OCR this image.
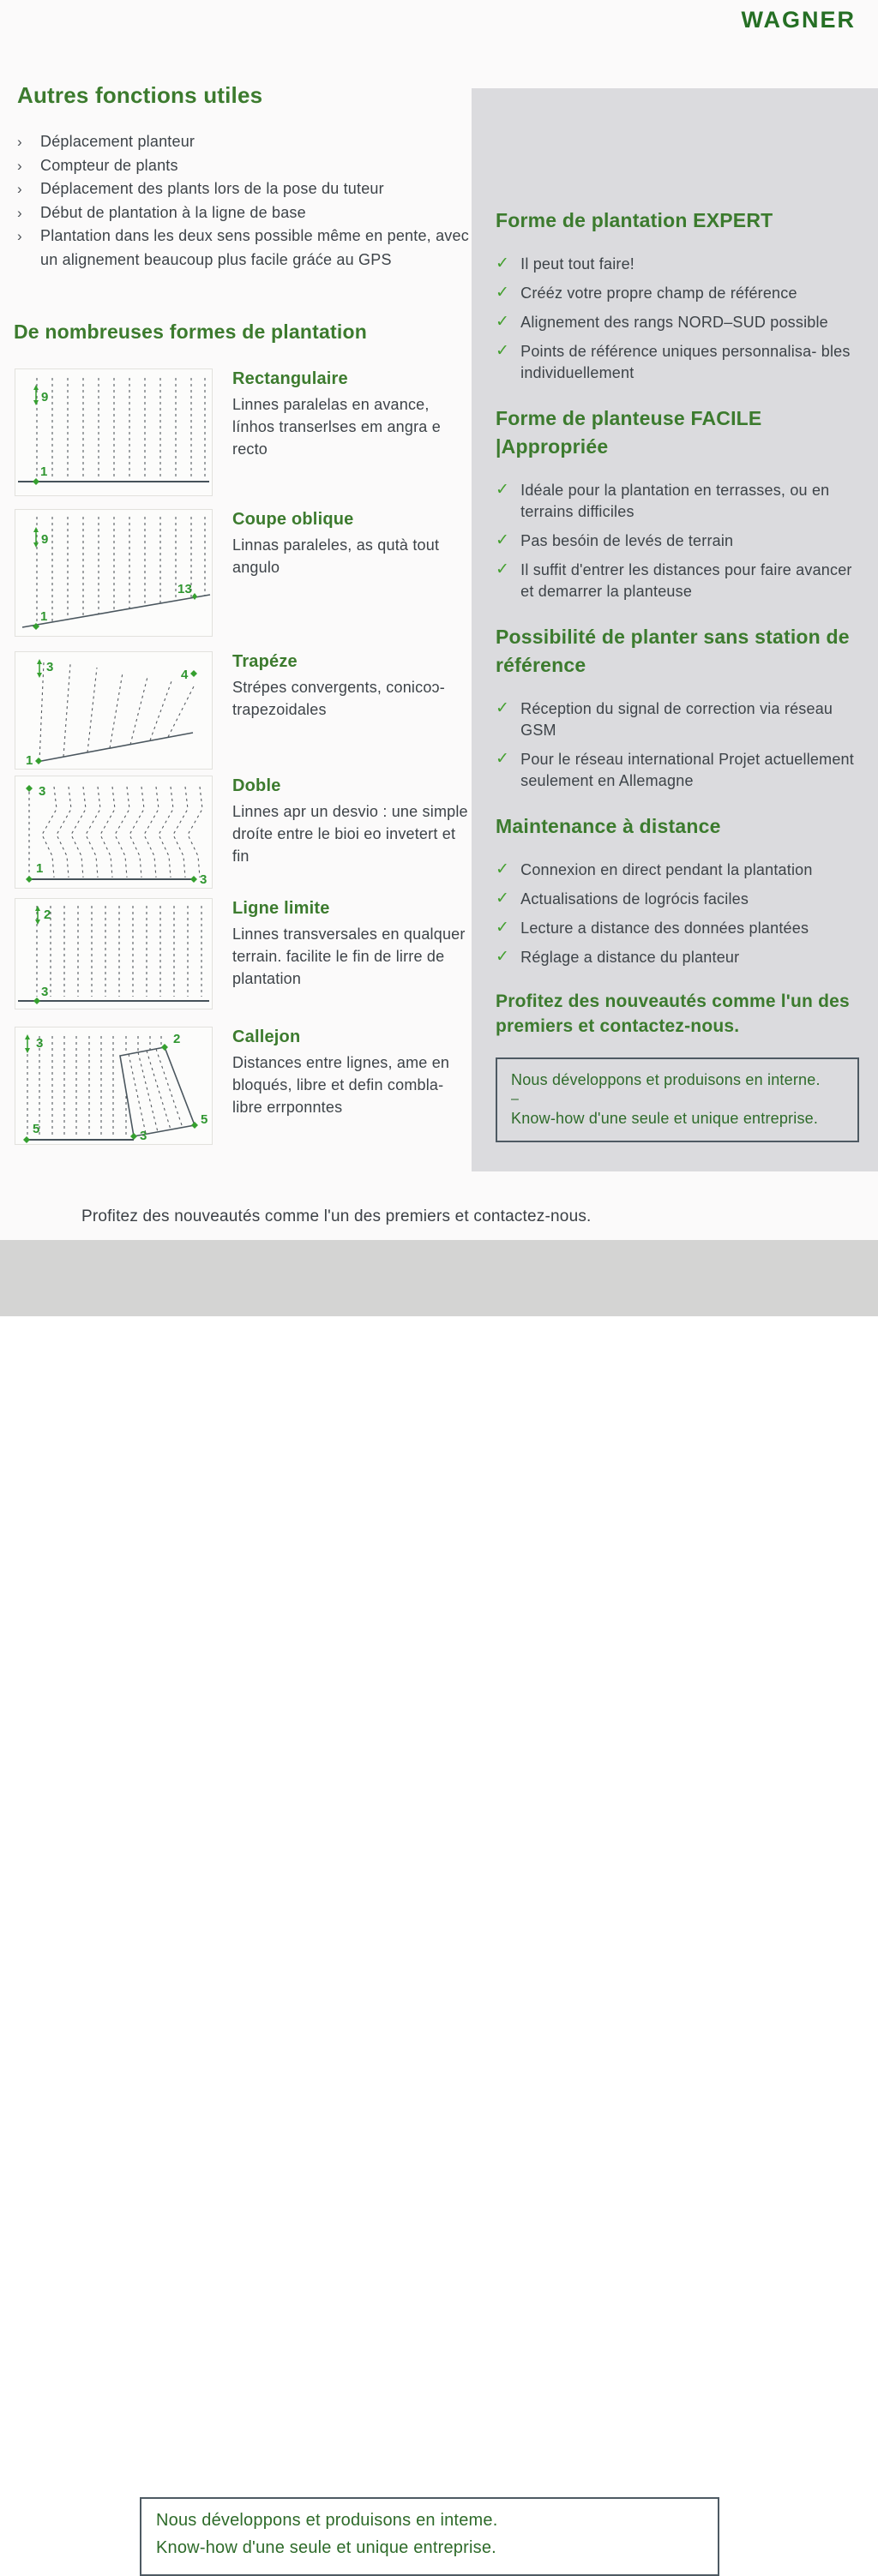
WAGNER
Autres fonctions utiles
› Déplacement planteur
› Compteur de plants
› Déplacement des plants lors de la pose du tuteur
› Début de plantation à la ligne de base
› Plantation dans les deux sens possible même en pente, avec un alignement beaucoup plus facile gráće au GPS
De nombreuses formes de plantation
9
1
Rectangulaire

Linnes paralelas en avance, línhos transerlses em angra e recto

9
1
13
Coupe oblique

Linnas paraleles, as qutà tout angulo

3
4
1
Trapéze

Strépes convergents, conicoɔ-trapezoidales

3
1
3
Doble

Linnes apr un desvio : une simple droíte entre le bioi eo invetert et fin

2
3
Ligne limite

Linnes transversales en qualquer terrain. facilite le fin de lirre de plantation

3	2
5
5	3
Callejon

Distances entre lignes, ame en bloqués, libre et defin combla- libre errponntes

Forme de plantation EXPERT
✓ Il peut tout faire!
✓ Crééz votre propre champ de référence
✓ Alignement des rangs NORD–SUD possible
✓ Points de référence uniques personnalisa- bles individuellement
Forme de planteuse FACILE |Appropriée
✓ Idéale pour la plantation en terrasses, ou en terrains difficiles
✓ Pas besóin de levés de terrain
✓ Il suffit d'entrer les distances pour faire avancer et demarrer la planteuse
Possibilité de planter sans station de référence
✓ Réception du signal de correction via réseau GSM
✓ Pour le réseau international Projet actuellement seulement en Allemagne
Maintenance à distance
✓ Connexion en direct pendant la plantation
✓ Actualisations de logrócis faciles
✓ Lecture a distance des données plantées
✓ Réglage a distance du planteur

Profitez des nouveautés comme l'un des premiers et contactez-nous.

Nous développons et produisons en interne.
–
Know-how d'une seule et unique entreprise.

Profitez des nouveautés comme l'un des premiers et contactez-nous.

Nous développons et produisons en inteme.
Know-how d'une seule et unique entreprise.
